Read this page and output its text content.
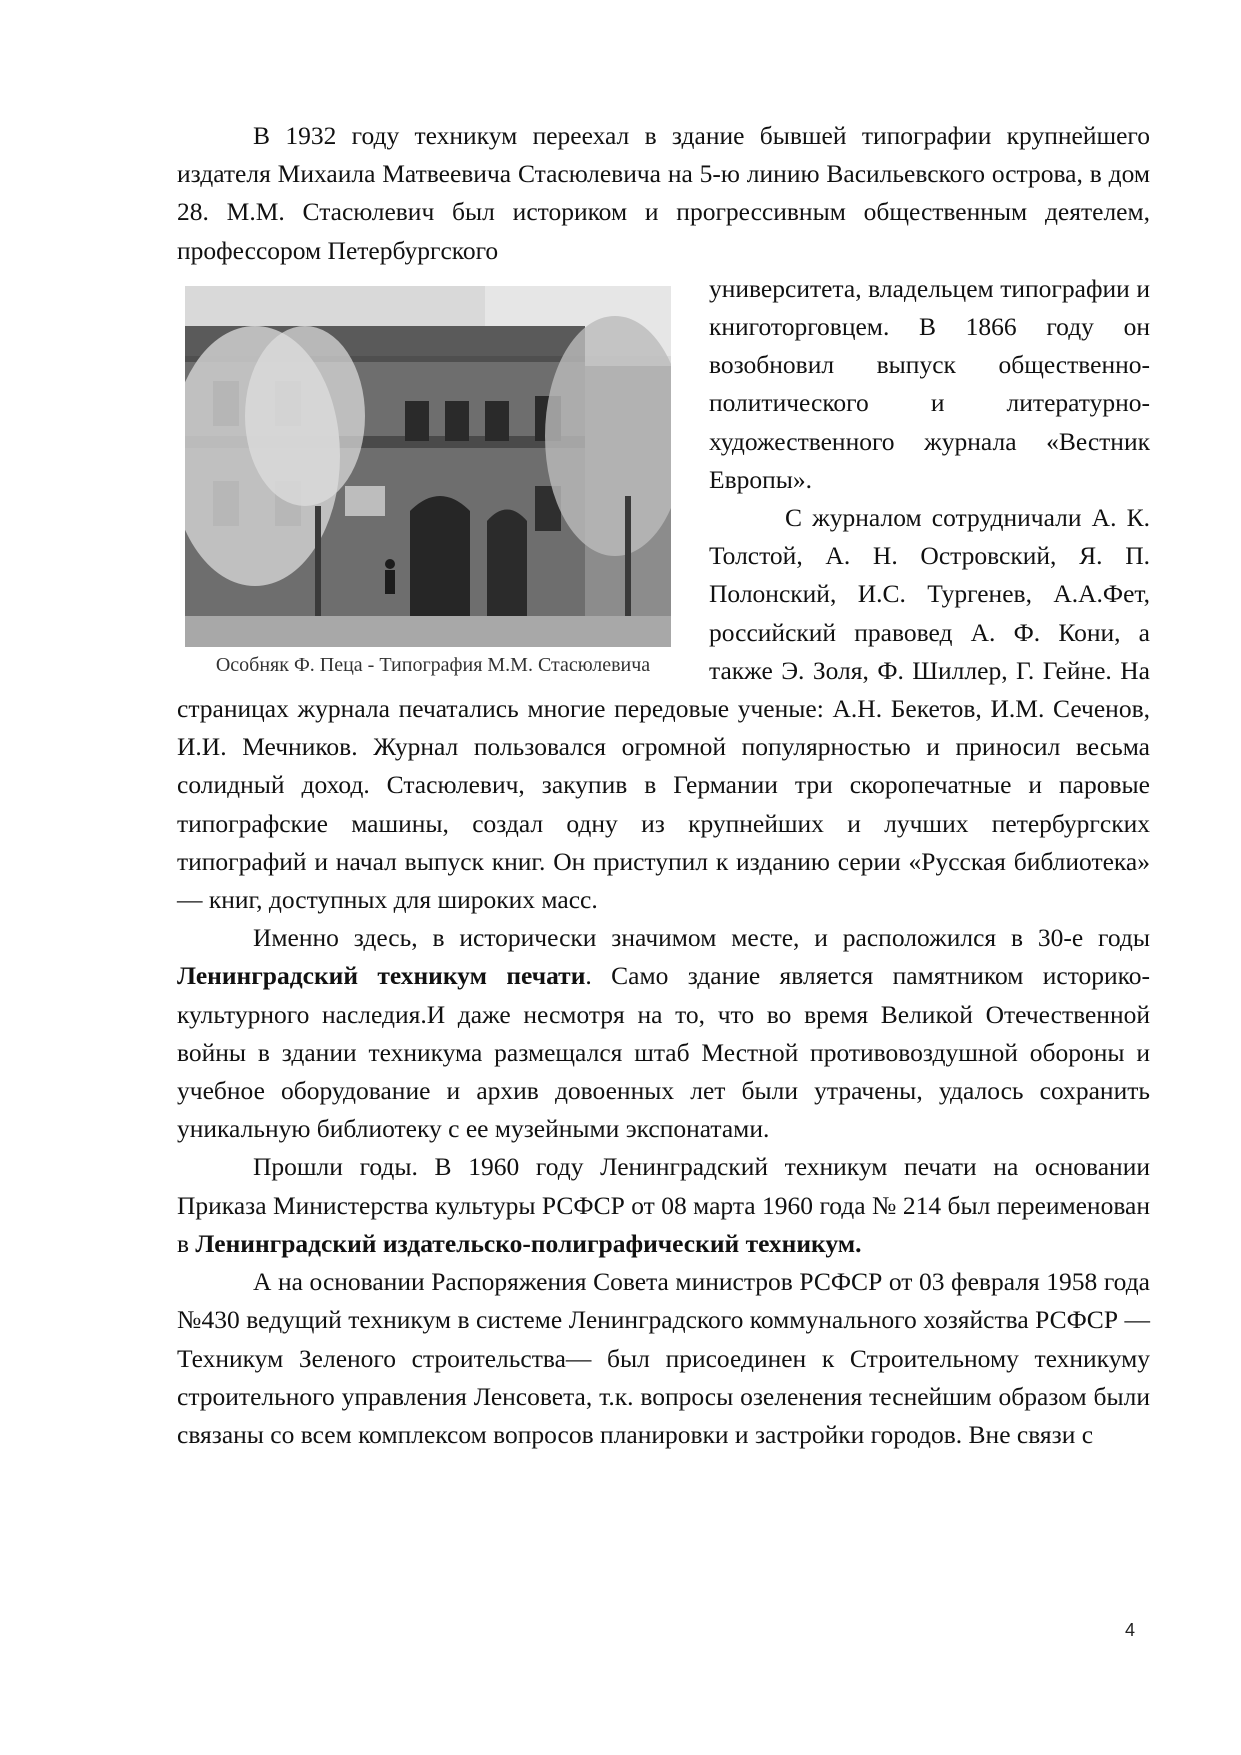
В 1932 году техникум переехал в здание бывшей типографии крупнейшего издателя Михаила Матвеевича Стасюлевича на 5-ю линию Васильевского острова, в дом 28. М.М. Стасюлевич был историком и прогрессивным общественным деятелем, профессором Петербургского

Особняк Ф. Пеца - Типография М.М. Стасюлевича

университета, владельцем типографии и книготорговцем. В 1866 году он возобновил выпуск общественно-политического и литературно-художественного журнала «Вестник Европы».

С журналом сотрудничали А. К. Толстой, А. Н. Островский, Я. П. Полонский, И.С. Тургенев, А.А.Фет, российский правовед А. Ф. Кони, а также Э. Золя, Ф. Шиллер, Г. Гейне. На страницах журнала печатались многие передовые ученые: А.Н. Бекетов, И.М. Сеченов, И.И. Мечников. Журнал пользовался огромной популярностью и приносил весьма солидный доход. Стасюлевич, закупив в Германии три скоропечатные и паровые типографские машины, создал одну из крупнейших и лучших петербургских типографий и начал выпуск книг. Он приступил к изданию серии «Русская библиотека» — книг, доступных для широких масс.

Именно здесь, в исторически значимом месте, и расположился в 30-е годы Ленинградский техникум печати. Само здание является памятником историко-культурного наследия.И даже несмотря на то, что во время Великой Отечественной войны в здании техникума размещался штаб Местной противовоздушной обороны и учебное оборудование и архив довоенных лет были утрачены, удалось сохранить уникальную библиотеку с ее музейными экспонатами.

Прошли годы. В 1960 году Ленинградский техникум печати на основании Приказа Министерства культуры РСФСР от 08 марта 1960 года № 214 был переименован в Ленинградский издательско-полиграфический техникум.

А на основании Распоряжения Совета министров РСФСР от 03 февраля 1958 года №430 ведущий техникум в системе Ленинградского коммунального хозяйства РСФСР —Техникум Зеленого строительства— был присоединен к Строительному техникуму строительного управления Ленсовета, т.к. вопросы озеленения теснейшим образом были связаны со всем комплексом вопросов планировки и застройки городов. Вне связи с

4
